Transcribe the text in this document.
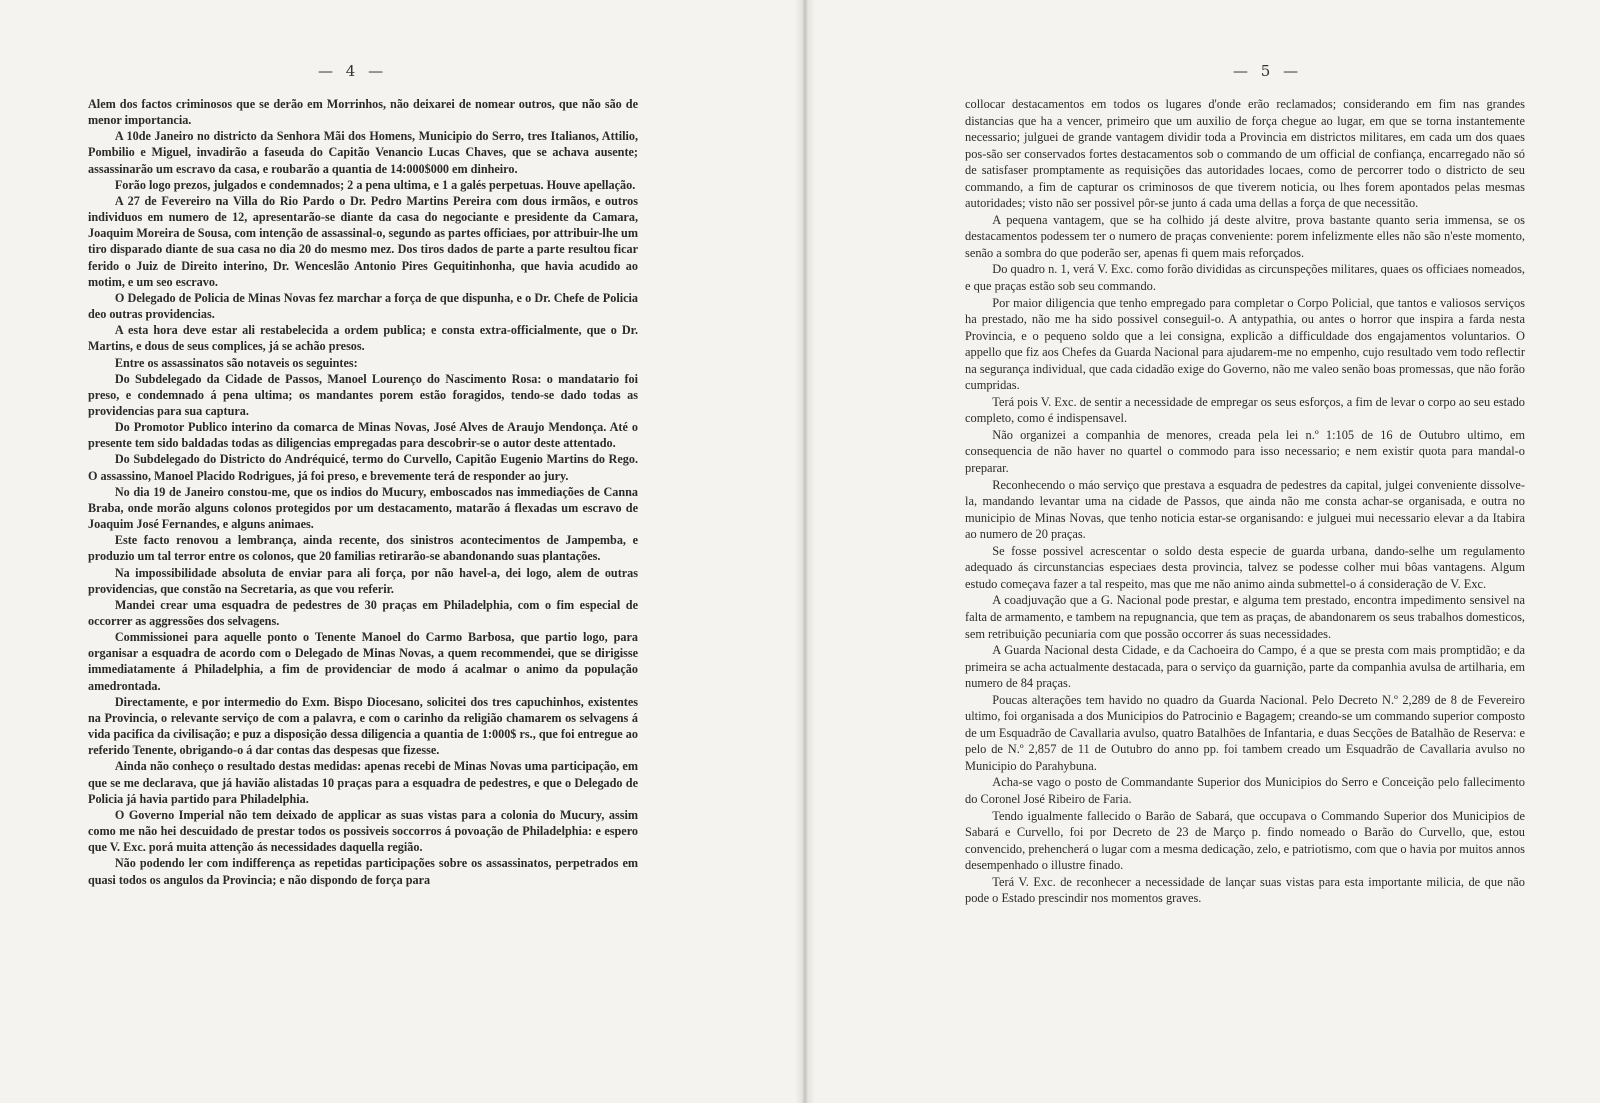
— 4 —

Alem dos factos criminosos que se derão em Morrinhos, não deixarei de nomear outros, que não são de menor importancia.

A 10de Janeiro no districto da Senhora Mãi dos Homens, Municipio do Serro, tres Italianos, Attilio, Pombilio e Miguel, invadirão a faseuda do Capitão Venancio Lucas Chaves, que se achava ausente; assassinarão um escravo da casa, e roubarão a quantia de 14:000$000 em dinheiro.

Forão logo prezos, julgados e condemnados; 2 a pena ultima, e 1 a galés perpetuas. Houve apellação.

A 27 de Fevereiro na Villa do Rio Pardo o Dr. Pedro Martins Pereira com dous irmãos, e outros individuos em numero de 12, apresentarão-se diante da casa do negociante e presidente da Camara, Joaquim Moreira de Sousa, com intenção de assassinal-o, segundo as partes officiaes, por attribuir-lhe um tiro disparado diante de sua casa no dia 20 do mesmo mez. Dos tiros dados de parte a parte resultou ficar ferido o Juiz de Direito interino, Dr. Wenceslão Antonio Pires Gequitinhonha, que havia acudido ao motim, e um seo escravo.

O Delegado de Policia de Minas Novas fez marchar a força de que dispunha, e o Dr. Chefe de Policia deo outras providencias.

A esta hora deve estar ali restabelecida a ordem publica; e consta extra-officialmente, que o Dr. Martins, e dous de seus complices, já se achão presos.

Entre os assassinatos são notaveis os seguintes:

Do Subdelegado da Cidade de Passos, Manoel Lourenço do Nascimento Rosa: o mandatario foi preso, e condemnado á pena ultima; os mandantes porem estão foragidos, tendo-se dado todas as providencias para sua captura.

Do Promotor Publico interino da comarca de Minas Novas, José Alves de Araujo Mendonça. Até o presente tem sido baldadas todas as diligencias empregadas para descobrir-se o autor deste attentado.

Do Subdelegado do Districto do Andréquicé, termo do Curvello, Capitão Eugenio Martins do Rego. O assassino, Manoel Placido Rodrigues, já foi preso, e brevemente terá de responder ao jury.

No dia 19 de Janeiro constou-me, que os indios do Mucury, emboscados nas immediações de Canna Braba, onde morão alguns colonos protegidos por um destacamento, matarão á flexadas um escravo de Joaquim José Fernandes, e alguns animaes.

Este facto renovou a lembrança, ainda recente, dos sinistros acontecimentos de Jampemba, e produzio um tal terror entre os colonos, que 20 familias retirarão-se abandonando suas plantações.

Na impossibilidade absoluta de enviar para ali força, por não havel-a, dei logo, alem de outras providencias, que constão na Secretaria, as que vou referir.

Mandei crear uma esquadra de pedestres de 30 praças em Philadelphia, com o fim especial de occorrer as aggressões dos selvagens.

Commissionei para aquelle ponto o Tenente Manoel do Carmo Barbosa, que partio logo, para organisar a esquadra de acordo com o Delegado de Minas Novas, a quem recommendei, que se dirigisse immediatamente á Philadelphia, a fim de providenciar de modo á acalmar o animo da população amedrontada.

Directamente, e por intermedio do Exm. Bispo Diocesano, solicitei dos tres capuchinhos, existentes na Provincia, o relevante serviço de com a palavra, e com o carinho da religião chamarem os selvagens á vida pacifica da civilisação; e puz a disposição dessa diligencia a quantia de 1:000$ rs., que foi entregue ao referido Tenente, obrigando-o á dar contas das despesas que fizesse.

Ainda não conheço o resultado destas medidas: apenas recebi de Minas Novas uma participação, em que se me declarava, que já havião alistadas 10 praças para a esquadra de pedestres, e que o Delegado de Policia já havia partido para Philadelphia.

O Governo Imperial não tem deixado de applicar as suas vistas para a colonia do Mucury, assim como me não hei descuidado de prestar todos os possiveis soccorros á povoação de Philadelphia: e espero que V. Exc. porá muita attenção ás necessidades daquella região.

Não podendo ler com indifferença as repetidas participações sobre os assassinatos, perpetrados em quasi todos os angulos da Provincia; e não dispondo de força para

— 5 —

collocar destacamentos em todos os lugares d'onde erão reclamados; considerando em fim nas grandes distancias que ha a vencer, primeiro que um auxilio de força chegue ao lugar, em que se torna instantemente necessario; julguei de grande vantagem dividir toda a Provincia em districtos militares, em cada um dos quaes pos-são ser conservados fortes destacamentos sob o commando de um official de confiança, encarregado não só de satisfaser promptamente as requisições das autoridades locaes, como de percorrer todo o districto de seu commando, a fim de capturar os criminosos de que tiverem noticia, ou lhes forem apontados pelas mesmas autoridades; visto não ser possivel pôr-se junto á cada uma dellas a força de que necessitão.

A pequena vantagem, que se ha colhido já deste alvitre, prova bastante quanto seria immensa, se os destacamentos podessem ter o numero de praças conveniente: porem infelizmente elles não são n'este momento, senão a sombra do que poderão ser, apenas fi quem mais reforçados.

Do quadro n. 1, verá V. Exc. como forão divididas as circunspeções militares, quaes os officiaes nomeados, e que praças estão sob seu commando.

Por maior diligencia que tenho empregado para completar o Corpo Policial, que tantos e valiosos serviços ha prestado, não me ha sido possivel conseguil-o. A antypathia, ou antes o horror que inspira a farda nesta Provincia, e o pequeno soldo que a lei consigna, explicão a difficuldade dos engajamentos voluntarios. O appello que fiz aos Chefes da Guarda Nacional para ajudarem-me no empenho, cujo resultado vem todo reflectir na segurança individual, que cada cidadão exige do Governo, não me valeo senão boas promessas, que não forão cumpridas.

Terá pois V. Exc. de sentir a necessidade de empregar os seus esforços, a fim de levar o corpo ao seu estado completo, como é indispensavel.

Não organizei a companhia de menores, creada pela lei n.º 1:105 de 16 de Outubro ultimo, em consequencia de não haver no quartel o commodo para isso necessario; e nem existir quota para mandal-o preparar.

Reconhecendo o máo serviço que prestava a esquadra de pedestres da capital, julgei conveniente dissolve-la, mandando levantar uma na cidade de Passos, que ainda não me consta achar-se organisada, e outra no municipio de Minas Novas, que tenho noticia estar-se organisando: e julguei mui necessario elevar a da Itabira ao numero de 20 praças.

Se fosse possivel acrescentar o soldo desta especie de guarda urbana, dando-selhe um regulamento adequado ás circunstancias especiaes desta provincia, talvez se podesse colher mui bôas vantagens. Algum estudo começava fazer a tal respeito, mas que me não animo ainda submettel-o á consideração de V. Exc.

A coadjuvação que a G. Nacional pode prestar, e alguma tem prestado, encontra impedimento sensivel na falta de armamento, e tambem na repugnancia, que tem as praças, de abandonarem os seus trabalhos domesticos, sem retribuição pecuniaria com que possão occorrer ás suas necessidades.

A Guarda Nacional desta Cidade, e da Cachoeira do Campo, é a que se presta com mais promptidão; e da primeira se acha actualmente destacada, para o serviço da guarnição, parte da companhia avulsa de artilharia, em numero de 84 praças.

Poucas alterações tem havido no quadro da Guarda Nacional. Pelo Decreto N.º 2,289 de 8 de Fevereiro ultimo, foi organisada a dos Municipios do Patrocinio e Bagagem; creando-se um commando superior composto de um Esquadrão de Cavallaria avulso, quatro Batalhões de Infantaria, e duas Secções de Batalhão de Reserva: e pelo de N.º 2,857 de 11 de Outubro do anno pp. foi tambem creado um Esquadrão de Cavallaria avulso no Municipio do Parahybuna.

Acha-se vago o posto de Commandante Superior dos Municipios do Serro e Conceição pelo fallecimento do Coronel José Ribeiro de Faria.

Tendo igualmente fallecido o Barão de Sabará, que occupava o Commando Superior dos Municipios de Sabará e Curvello, foi por Decreto de 23 de Março p. findo nomeado o Barão do Curvello, que, estou convencido, prehencherá o lugar com a mesma dedicação, zelo, e patriotismo, com que o havia por muitos annos desempenhado o illustre finado.

Terá V. Exc. de reconhecer a necessidade de lançar suas vistas para esta importante milicia, de que não pode o Estado prescindir nos momentos graves.
